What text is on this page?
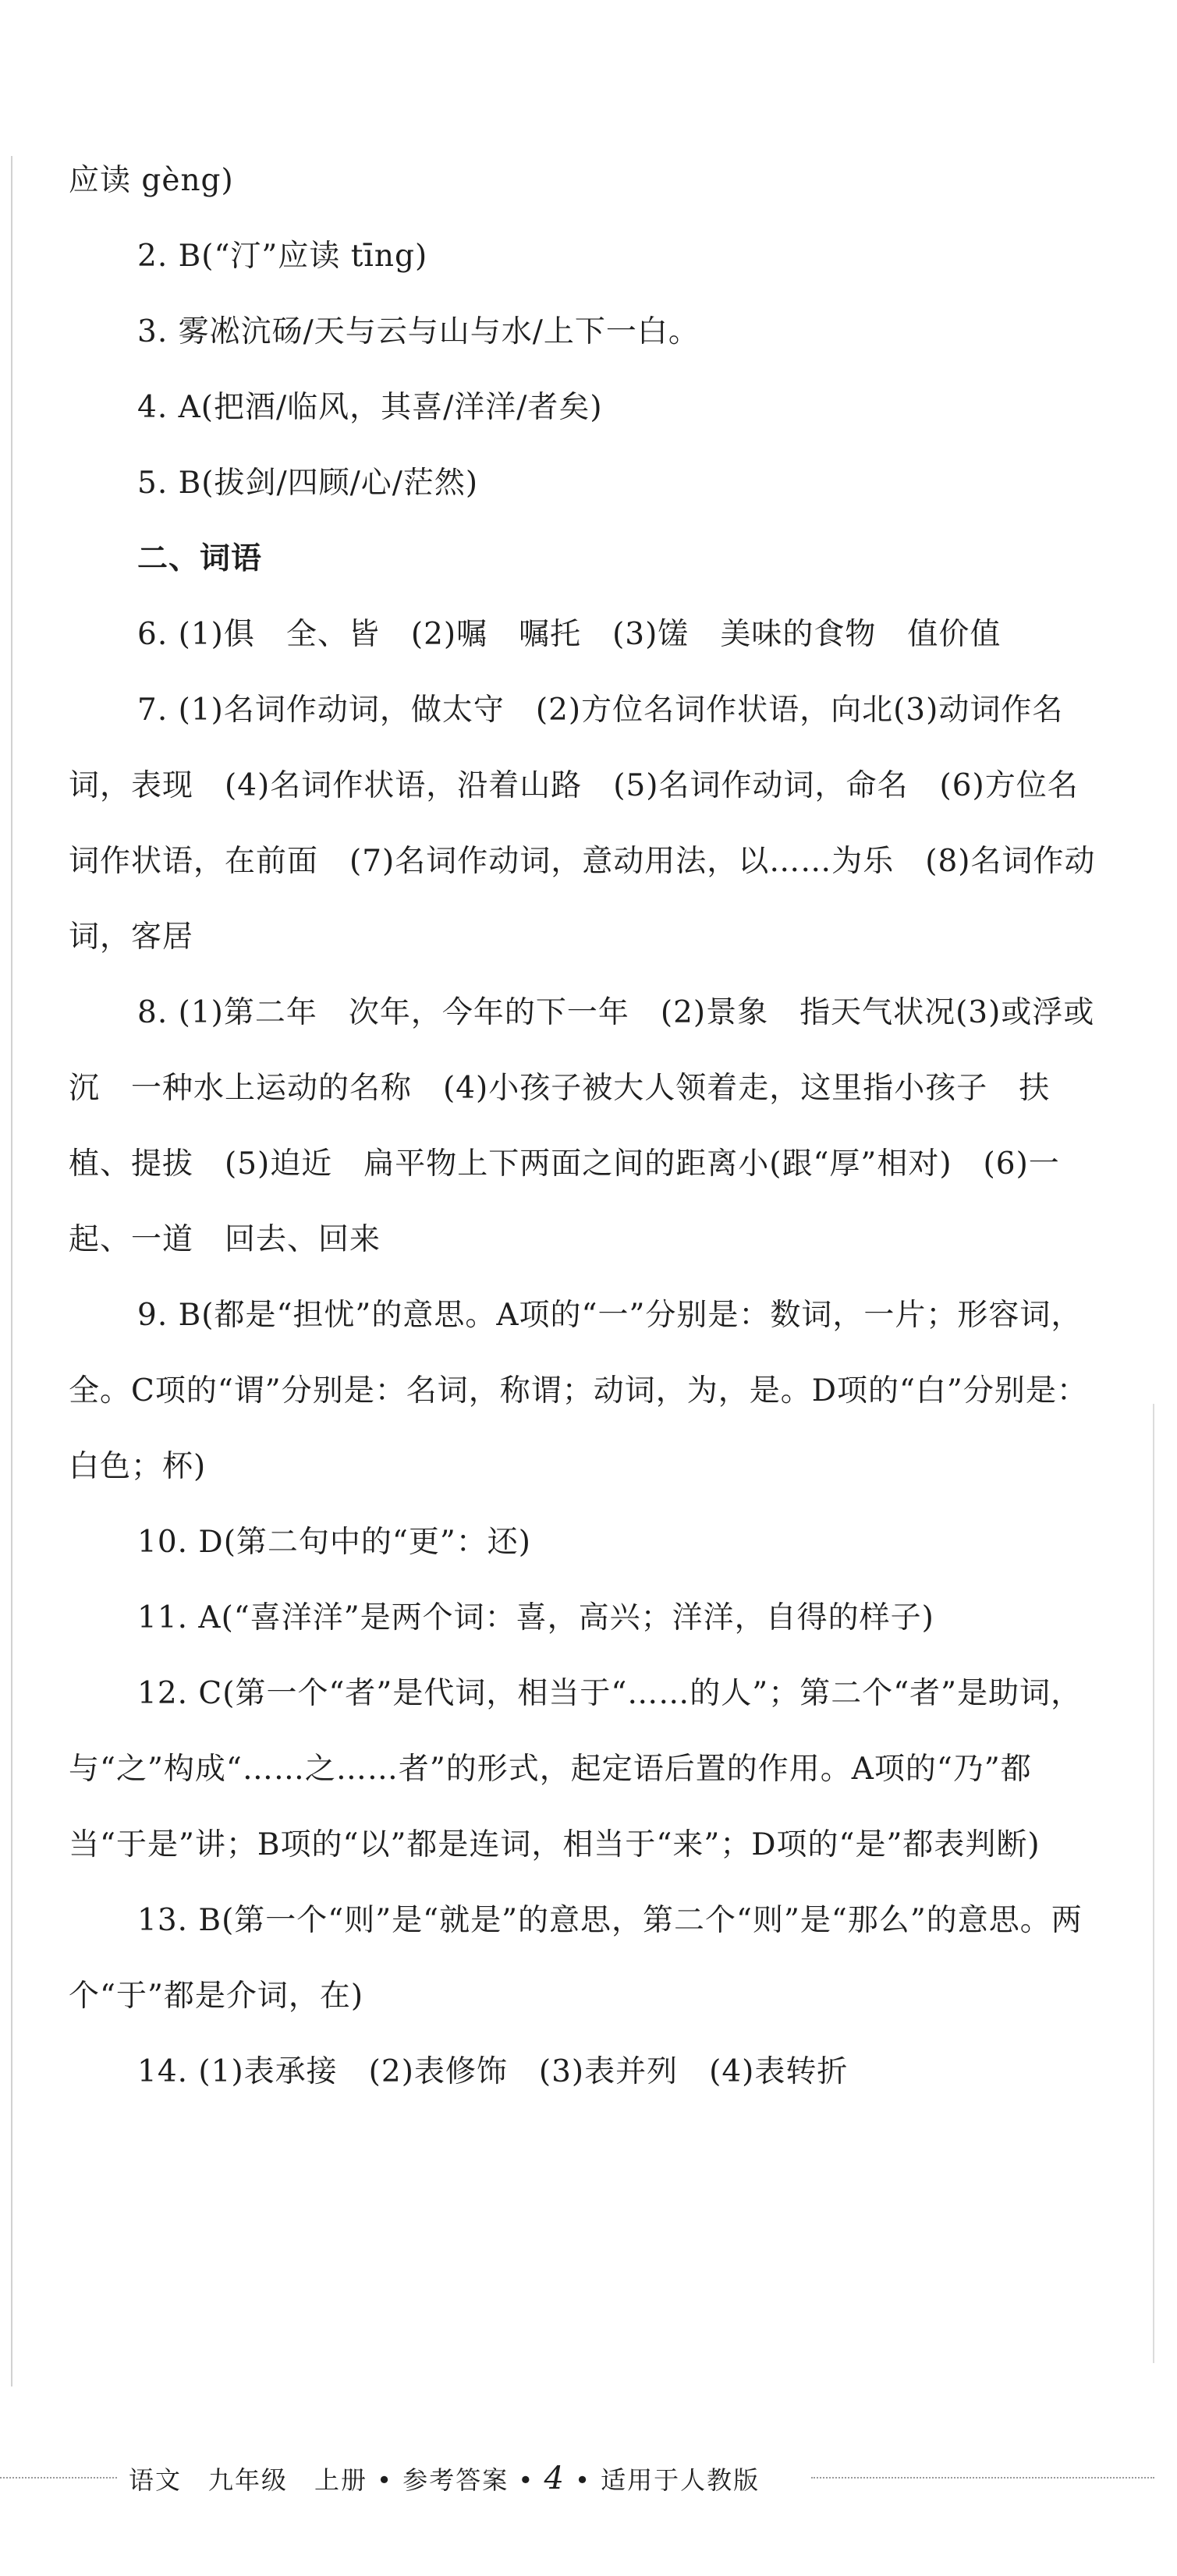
应读 gèng)

2. B(“汀”应读 tīng)

3. 雾凇沆砀/天与云与山与水/上下一白。

4. A(把酒/临风，其喜/洋洋/者矣)

5. B(拔剑/四顾/心/茫然)

二、词语

6. (1)俱　全、皆　(2)嘱　嘱托　(3)馐　美味的食物　值价值

7. (1)名词作动词，做太守　(2)方位名词作状语，向北(3)动词作名词，表现　(4)名词作状语，沿着山路　(5)名词作动词，命名　(6)方位名词作状语，在前面　(7)名词作动词，意动用法，以……为乐　(8)名词作动词，客居

8. (1)第二年　次年，今年的下一年　(2)景象　指天气状况(3)或浮或沉　一种水上运动的名称　(4)小孩子被大人领着走，这里指小孩子　扶植、提拔　(5)迫近　扁平物上下两面之间的距离小(跟“厚”相对)　(6)一起、一道　回去、回来

9. B(都是“担忧”的意思。A项的“一”分别是：数词，一片；形容词，全。C项的“谓”分别是：名词，称谓；动词，为，是。D项的“白”分别是：白色；杯)

10. D(第二句中的“更”：还)

11. A(“喜洋洋”是两个词：喜，高兴；洋洋，自得的样子)

12. C(第一个“者”是代词，相当于“……的人”；第二个“者”是助词，与“之”构成“……之……者”的形式，起定语后置的作用。A项的“乃”都当“于是”讲；B项的“以”都是连词，相当于“来”；D项的“是”都表判断)

13. B(第一个“则”是“就是”的意思，第二个“则”是“那么”的意思。两个“于”都是介词，在)

14. (1)表承接　(2)表修饰　(3)表并列　(4)表转折

语文　九年级　上册 • 参考答案 • 4 • 适用于人教版
